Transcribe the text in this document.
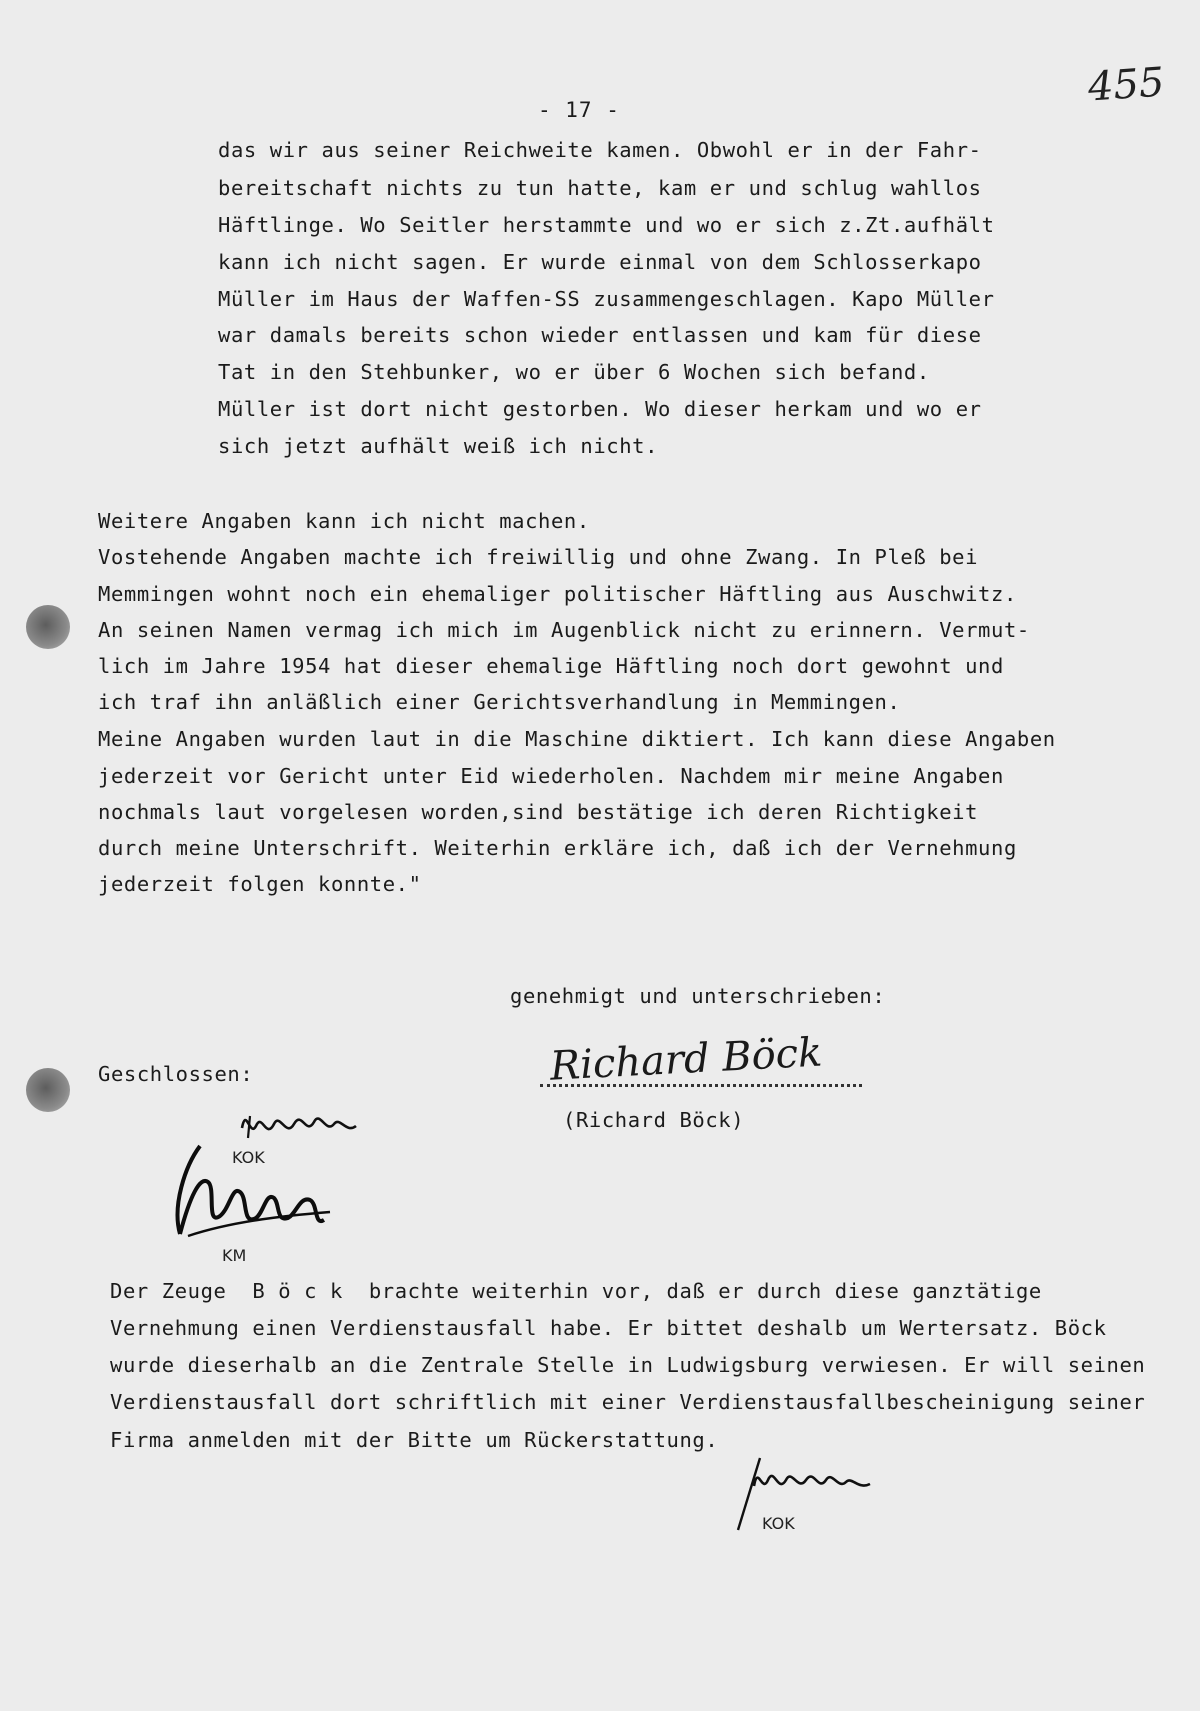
455
- 17 -

das wir aus seiner Reichweite kamen. Obwohl er in der Fahr-

bereitschaft nichts zu tun hatte, kam er und schlug wahllos

Häftlinge. Wo Seitler herstammte und wo er sich z.Zt.aufhält

kann ich nicht sagen. Er wurde einmal von dem Schlosserkapo

Müller im Haus der Waffen-SS zusammengeschlagen. Kapo Müller

war damals bereits schon wieder entlassen und kam für diese

Tat in den Stehbunker, wo er über 6 Wochen sich befand.

Müller ist dort nicht gestorben. Wo dieser herkam und wo er

sich jetzt aufhält weiß ich nicht.

Weitere Angaben kann ich nicht machen.

Vostehende Angaben machte ich freiwillig und ohne Zwang. In Pleß bei

Memmingen wohnt noch ein ehemaliger politischer Häftling aus Auschwitz.

An seinen Namen vermag ich mich im Augenblick nicht zu erinnern. Vermut-

lich im Jahre 1954 hat dieser ehemalige Häftling noch dort gewohnt und

ich traf ihn anläßlich einer Gerichtsverhandlung in Memmingen.

Meine Angaben wurden laut in die Maschine diktiert. Ich kann diese Angaben

jederzeit vor Gericht unter Eid wiederholen. Nachdem mir meine Angaben

nochmals laut vorgelesen worden,sind bestätige ich deren Richtigkeit

durch meine Unterschrift. Weiterhin erkläre ich, daß ich der Vernehmung

jederzeit folgen konnte."

genehmigt und unterschrieben:
Geschlossen:	Richard Böck
(Richard Böck)
KOK
KM

Der Zeuge  B ö c k  brachte weiterhin vor, daß er durch diese ganztätige

Vernehmung einen Verdienstausfall habe. Er bittet deshalb um Wertersatz. Böck

wurde dieserhalb an die Zentrale Stelle in Ludwigsburg verwiesen. Er will seinen

Verdienstausfall dort schriftlich mit einer Verdienstausfallbescheinigung seiner

Firma anmelden mit der Bitte um Rückerstattung.

KOK
